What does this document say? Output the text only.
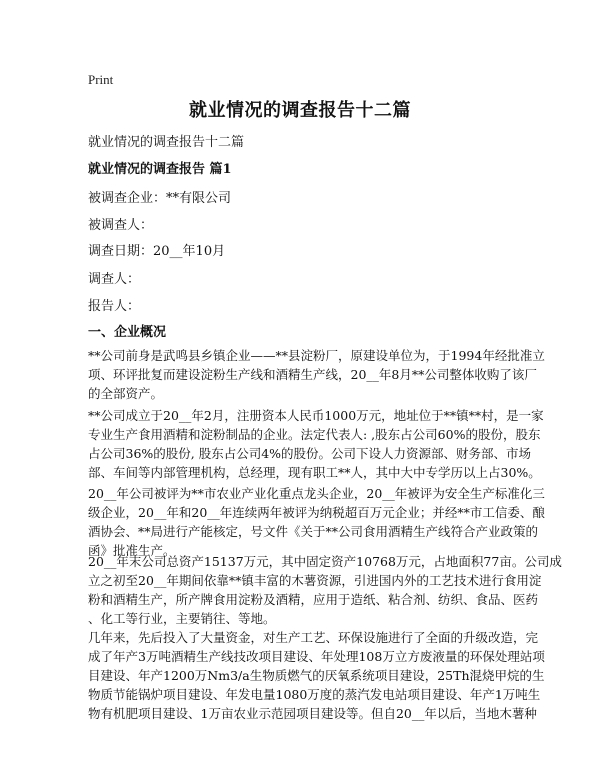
Print
就业情况的调查报告十二篇
就业情况的调查报告十二篇
就业情况的调查报告 篇1
被调查企业：**有限公司
被调查人：
调查日期：20__年10月
调查人：
报告人：
一、企业概况
**公司前身是武鸣县乡镇企业——**县淀粉厂，原建设单位为，于1994年经批准立
项、环评批复而建设淀粉生产线和酒精生产线，20__年8月**公司整体收购了该厂
的全部资产。
**公司成立于20__年2月，注册资本人民币1000万元，地址位于**镇**村，是一家
专业生产食用酒精和淀粉制品的企业。法定代表人: ,股东占公司60%的股份，股东
占公司36%的股份, 股东占公司4%的股份。公司下设人力资源部、财务部、市场
部、车间等内部管理机构，总经理，现有职工**人，其中大中专学历以上占30%。
20__年公司被评为**市农业产业化重点龙头企业，20__年被评为安全生产标准化三
级企业，20__年和20__年连续两年被评为纳税超百万元企业；并经**市工信委、酿
酒协会、**局进行产能核定，号文件《关于**公司食用酒精生产线符合产业政策的
函》批准生产。
20__年末公司总资产15137万元，其中固定资产10768万元，占地面积77亩。公司成
立之初至20__年期间依靠**镇丰富的木薯资源，引进国内外的工艺技术进行食用淀
粉和酒精生产，所产牌食用淀粉及酒精，应用于造纸、粘合剂、纺织、食品、医药
、化工等行业，主要销往、等地。
几年来，先后投入了大量资金，对生产工艺、环保设施进行了全面的升级改造，完
成了年产3万吨酒精生产线技改项目建设、年处理108万立方废液量的环保处理站项
目建设、年产1200万Nm3/a生物质燃气的厌氧系统项目建设，25Th混烧甲烷的生
物质节能锅炉项目建设、年发电量1080万度的蒸汽发电站项目建设、年产1万吨生
物有机肥项目建设、1万亩农业示范园项目建设等。但自20__年以后，当地木薯种
